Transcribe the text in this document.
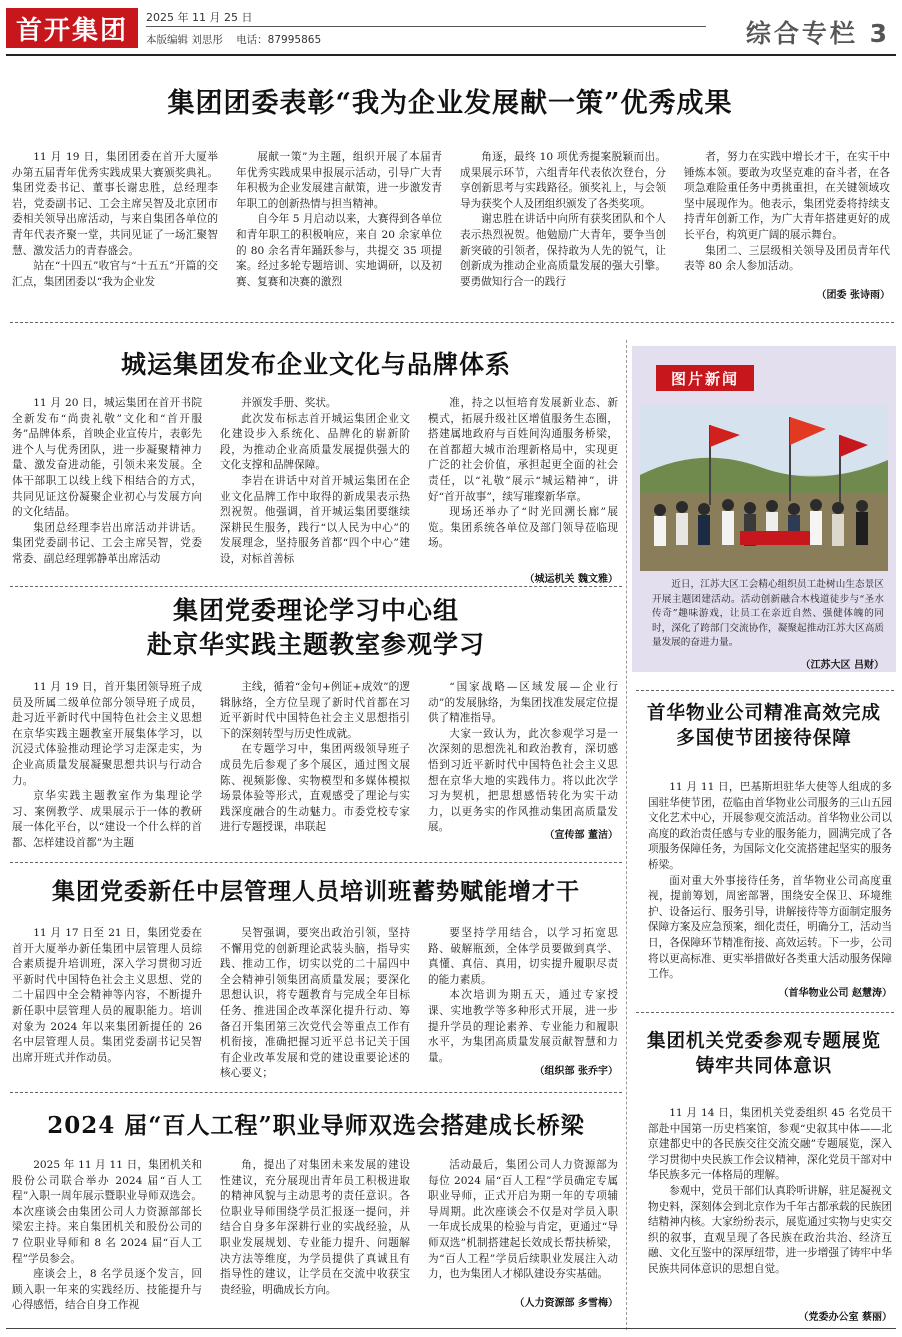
首开集团	2025 年 11 月 25 日
本版编辑 刘思彤 电话：87995865	综合专栏 3
集团团委表彰“我为企业发展献一策”优秀成果

11 月 19 日，集团团委在首开大厦举办第五届青年优秀实践成果大赛颁奖典礼。集团党委书记、董事长谢忠胜，总经理李岩，党委副书记、工会主席吴智及北京团市委相关领导出席活动，与来自集团各单位的青年代表齐聚一堂，共同见证了一场汇聚智慧、激发活力的青春盛会。

站在“十四五”收官与“十五五”开篇的交汇点，集团团委以“我为企业发

展献一策”为主题，组织开展了本届青年优秀实践成果申报展示活动，引导广大青年积极为企业发展建言献策，进一步激发青年职工的创新热情与担当精神。

自今年 5 月启动以来，大赛得到各单位和青年职工的积极响应，来自 20 余家单位的 80 余名青年踊跃参与，共提交 35 项提案。经过多轮专题培训、实地调研，以及初赛、复赛和决赛的激烈

角逐，最终 10 项优秀提案脱颖而出。成果展示环节，六组青年代表依次登台，分享创新思考与实践路径。颁奖礼上，与会领导为获奖个人及团组织颁发了各类奖项。

谢忠胜在讲话中向所有获奖团队和个人表示热烈祝贺。他勉励广大青年，要争当创新突破的引领者，保持敢为人先的锐气，让创新成为推动企业高质量发展的强大引擎。要勇做知行合一的践行

者，努力在实践中增长才干，在实干中锤炼本领。要敢为攻坚克难的奋斗者，在各项急难险重任务中勇挑重担，在关键领域攻坚中展现作为。他表示，集团党委将持续支持青年创新工作，为广大青年搭建更好的成长平台，构筑更广阔的展示舞台。

集团二、三层级相关领导及团员青年代表等 80 余人参加活动。

（团委 张诗雨）
城运集团发布企业文化与品牌体系

11 月 20 日，城运集团在首开书院全新发布“尚贵礼敬”文化和“首开服务”品牌体系，首映企业宣传片，表彰先进个人与优秀团队，进一步凝聚精神力量、激发奋进动能，引领未来发展。全体干部职工以线上线下相结合的方式，共同见证这份凝聚企业初心与发展方向的文化结晶。

集团总经理李岩出席活动并讲话。集团党委副书记、工会主席吴智，党委常委、副总经理郭静革出席活动

并颁发手册、奖状。

此次发布标志首开城运集团企业文化建设步入系统化、品牌化的崭新阶段，为推动企业高质量发展提供强大的文化支撑和品牌保障。

李岩在讲话中对首开城运集团在企业文化品牌工作中取得的新成果表示热烈祝贺。他强调，首开城运集团要继续深耕民生服务，践行“以人民为中心”的发展理念，坚持服务首都“四个中心”建设，对标首善标

准，持之以恒培育发展新业态、新模式，拓展升级社区增值服务生态圈，搭建属地政府与百姓间沟通服务桥梁，在首都超大城市治理新格局中，实现更广泛的社会价值，承担起更全面的社会责任，以“礼敬”展示“城运精神”，讲好“首开故事”，续写璀璨新华章。

现场还举办了“时光回溯长廊”展览。集团系统各单位及部门领导莅临现场。

（城运机关 魏文雅）
图片新闻

近日，江苏大区工会精心组织员工赴树山生态景区开展主题团建活动。活动创新融合木栈道徒步与“圣水传奇”趣味游戏，让员工在亲近自然、强健体魄的同时，深化了跨部门交流协作，凝聚起推动江苏大区高质量发展的奋进力量。

（江苏大区 吕财）
集团党委理论学习中心组
赴京华实践主题教室参观学习

11 月 19 日，首开集团领导班子成员及所属二级单位部分领导班子成员，赴习近平新时代中国特色社会主义思想在京华实践主题教室开展集体学习，以沉浸式体验推动理论学习走深走实，为企业高质量发展凝聚思想共识与行动合力。

京华实践主题教室作为集理论学习、案例教学、成果展示于一体的教研展一体化平台，以“建设一个什么样的首都、怎样建设首都”为主题

主线，循着“金句+例证+成效”的逻辑脉络，全方位呈现了新时代首都在习近平新时代中国特色社会主义思想指引下的深刻转型与历史性成就。

在专题学习中，集团两级领导班子成员先后参观了多个展区，通过图文展陈、视频影像、实物模型和多媒体模拟场景体验等形式，直观感受了理论与实践深度融合的生动魅力。市委党校专家进行专题授课，串联起

“国家战略—区域发展—企业行动”的发展脉络，为集团找准发展定位提供了精准指导。

大家一致认为，此次参观学习是一次深刻的思想洗礼和政治教育，深切感悟到习近平新时代中国特色社会主义思想在京华大地的实践伟力。将以此次学习为契机，把思想感悟转化为实干动力，以更务实的作风推动集团高质量发展。

（宣传部 董洁）
首华物业公司精准高效完成
多国使节团接待保障

11 月 11 日，巴基斯坦驻华大使等人组成的多国驻华使节团，莅临由首华物业公司服务的三山五园文化艺术中心，开展参观交流活动。首华物业公司以高度的政治责任感与专业的服务能力，圆满完成了各项服务保障任务，为国际文化交流搭建起坚实的服务桥梁。

面对重大外事接待任务，首华物业公司高度重视，提前筹划，周密部署，围绕安全保卫、环境维护、设备运行、服务引导，讲解接待等方面制定服务保障方案及应急预案，细化责任，明确分工，活动当日，各保障环节精准衔接、高效运转。下一步，公司将以更高标准、更实举措做好各类重大活动服务保障工作。

（首华物业公司 赵慧涛）
集团党委新任中层管理人员培训班蓄势赋能增才干

11 月 17 日至 21 日，集团党委在首开大厦举办新任集团中层管理人员综合素质提升培训班，深入学习贯彻习近平新时代中国特色社会主义思想、党的二十届四中全会精神等内容，不断提升新任职中层管理人员的履职能力。培训对象为 2024 年以来集团新提任的 26 名中层管理人员。集团党委副书记吴智出席开班式并作动员。

吴智强调，要突出政治引领，坚持不懈用党的创新理论武装头脑，指导实践、推动工作，切实以党的二十届四中全会精神引领集团高质量发展；要深化思想认识，将专题教育与完成全年目标任务、推进国企改革深化提升行动、筹备召开集团第三次党代会等重点工作有机衔接，准确把握习近平总书记关于国有企业改革发展和党的建设重要论述的核心要义；

要坚持学用结合，以学习拓宽思路、破解瓶颈，全体学员要做到真学、真懂、真信、真用，切实提升履职尽责的能力素质。

本次培训为期五天，通过专家授课、实地教学等多种形式开展，进一步提升学员的理论素养、专业能力和履职水平，为集团高质量发展贡献智慧和力量。

（组织部 张乔宇）
2024 届“百人工程”职业导师双选会搭建成长桥梁

2025 年 11 月 11 日，集团机关和股份公司联合举办 2024 届“百人工程”入职一周年展示暨职业导师双选会。本次座谈会由集团公司人力资源部部长梁宏主持。来自集团机关和股份公司的 7 位职业导师和 8 名 2024 届“百人工程”学员参会。

座谈会上，8 名学员逐个发言，回顾入职一年来的实践经历、技能提升与心得感悟，结合自身工作视

角，提出了对集团未来发展的建设性建议，充分展现出青年员工积极进取的精神风貌与主动思考的责任意识。各位职业导师围绕学员汇报逐一提问，并结合自身多年深耕行业的实战经验，从职业发展规划、专业能力提升、问题解决方法等维度，为学员提供了真诚且有指导性的建议，让学员在交流中收获宝贵经验，明确成长方向。

活动最后，集团公司人力资源部为每位 2024 届“百人工程”学员确定专属职业导师，正式开启为期一年的专项辅导周期。此次座谈会不仅是对学员入职一年成长成果的检验与肯定，更通过“导师双选”机制搭建起长效成长帮扶桥梁，为“百人工程”学员后续职业发展注入动力，也为集团人才梯队建设夯实基础。

（人力资源部 多雪梅）
集团机关党委参观专题展览
铸牢共同体意识

11 月 14 日，集团机关党委组织 45 名党员干部赴中国第一历史档案馆，参观“史叙其中体——北京建都史中的各民族交往交流交融”专题展览，深入学习贯彻中央民族工作会议精神，深化党员干部对中华民族多元一体格局的理解。

参观中，党员干部们认真聆听讲解，驻足凝视文物史料，深刻体会到北京作为千年古都承载的民族团结精神内核。大家纷纷表示，展览通过实物与史实交织的叙事，直观呈现了各民族在政治共治、经济互融、文化互鉴中的深厚纽带，进一步增强了铸牢中华民族共同体意识的思想自觉。

（党委办公室 蔡丽）
